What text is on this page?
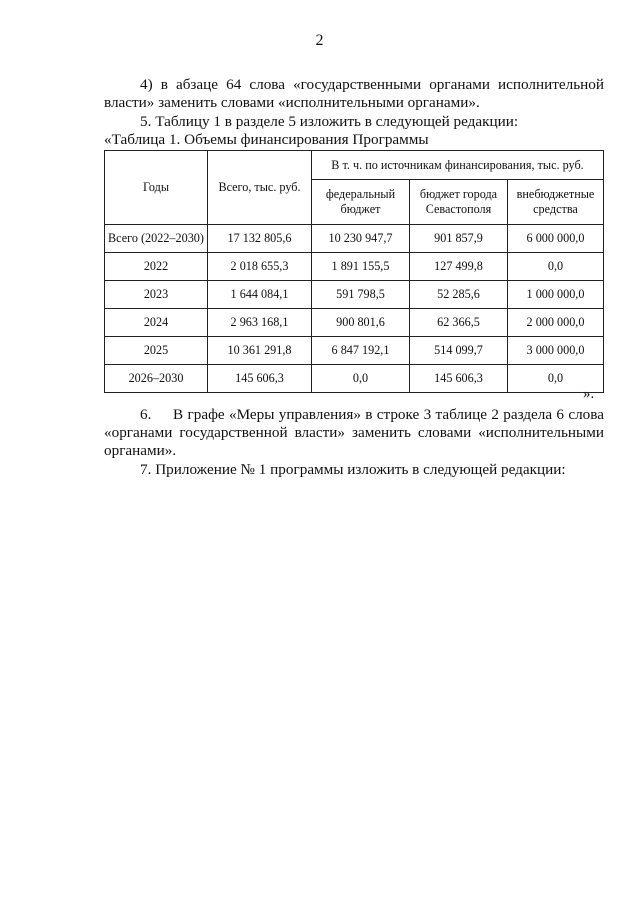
2
4) в абзаце 64 слова «государственными органами исполнительной власти» заменить словами «исполнительными органами».
5. Таблицу 1 в разделе 5 изложить в следующей редакции:
«Таблица 1. Объемы финансирования Программы
Годы	Всего, тыс. руб.	В т. ч. по источникам финансирования, тыс. руб.		
		федеральный бюджет	бюджет города Севастополя	внебюджетные средства
Всего (2022–2030)	17 132 805,6	10 230 947,7	901 857,9	6 000 000,0
2022	2 018 655,3	1 891 155,5	127 499,8	0,0
2023	1 644 084,1	591 798,5	52 285,6	1 000 000,0
2024	2 963 168,1	900 801,6	62 366,5	2 000 000,0
2025	10 361 291,8	6 847 192,1	514 099,7	3 000 000,0
2026–2030	145 606,3	0,0	145 606,3	0,0
».
6.     В графе «Меры управления» в строке 3 таблице 2 раздела 6 слова «органами государственной власти» заменить словами «исполнительными органами».
7. Приложение № 1 программы изложить в следующей редакции:
